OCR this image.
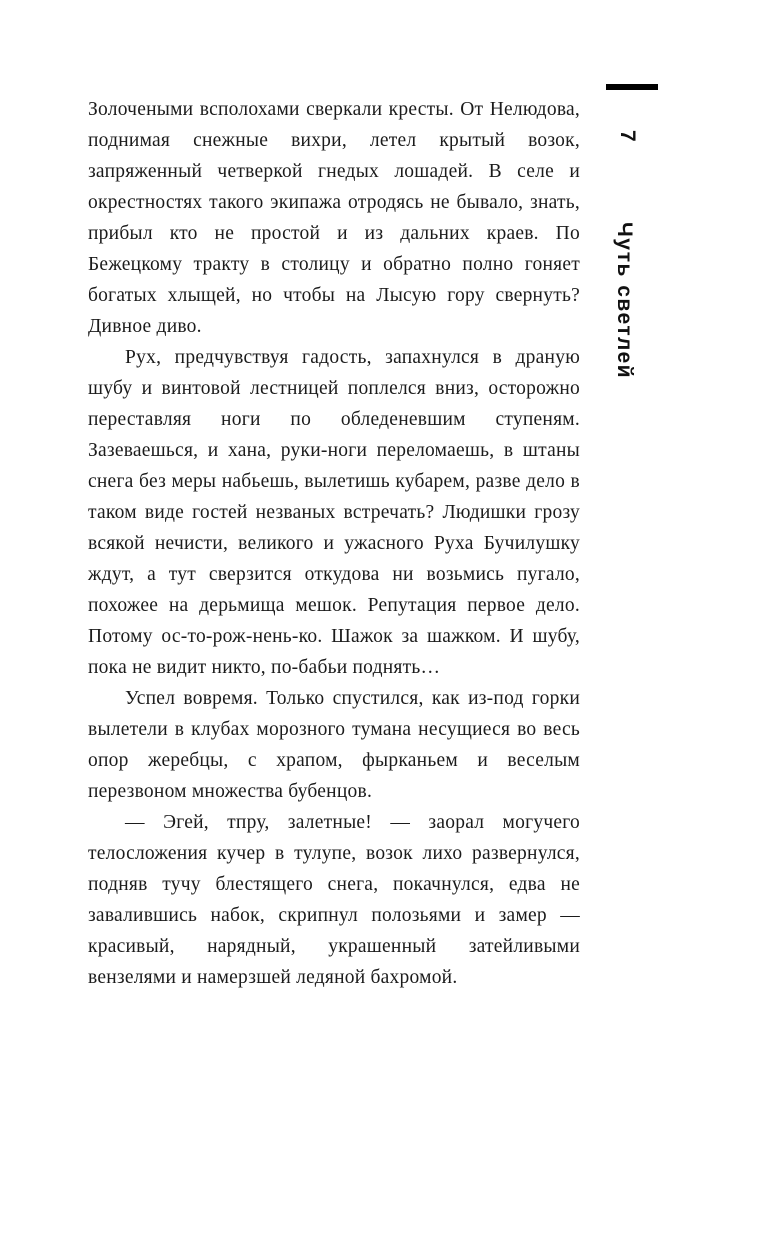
Золочеными всполохами сверкали кресты. От Нелюдова, поднимая снежные вихри, летел крытый возок, запряженный четверкой гнедых лошадей. В селе и окрестностях такого экипажа отродясь не бывало, знать, прибыл кто не простой и из дальних краев. По Бежецкому тракту в столицу и обратно полно гоняет богатых хлыщей, но чтобы на Лысую гору свернуть? Дивное диво.

Рух, предчувствуя гадость, запахнулся в драную шубу и винтовой лестницей поплелся вниз, осторожно переставляя ноги по обледеневшим ступеням. Зазеваешься, и хана, руки-ноги переломаешь, в штаны снега без меры набьешь, вылетишь кубарем, разве дело в таком виде гостей незваных встречать? Людишки грозу всякой нечисти, великого и ужасного Руха Бучилушку ждут, а тут сверзится откудова ни возьмись пугало, похожее на дерьмища мешок. Репутация первое дело. Потому ос-то-рож-нень-ко. Шажок за шажком. И шубу, пока не видит никто, по-бабьи поднять…

Успел вовремя. Только спустился, как из-под горки вылетели в клубах морозного тумана несущиеся во весь опор жеребцы, с храпом, фырканьем и веселым перезвоном множества бубенцов.

— Эгей, тпру, залетные! — заорал могучего телосложения кучер в тулупе, возок лихо развернулся, подняв тучу блестящего снега, покачнулся, едва не завалившись набок, скрипнул полозьями и замер — красивый, нарядный, украшенный затейливыми вензелями и намерзшей ледяной бахромой.

7
Чуть светлей
